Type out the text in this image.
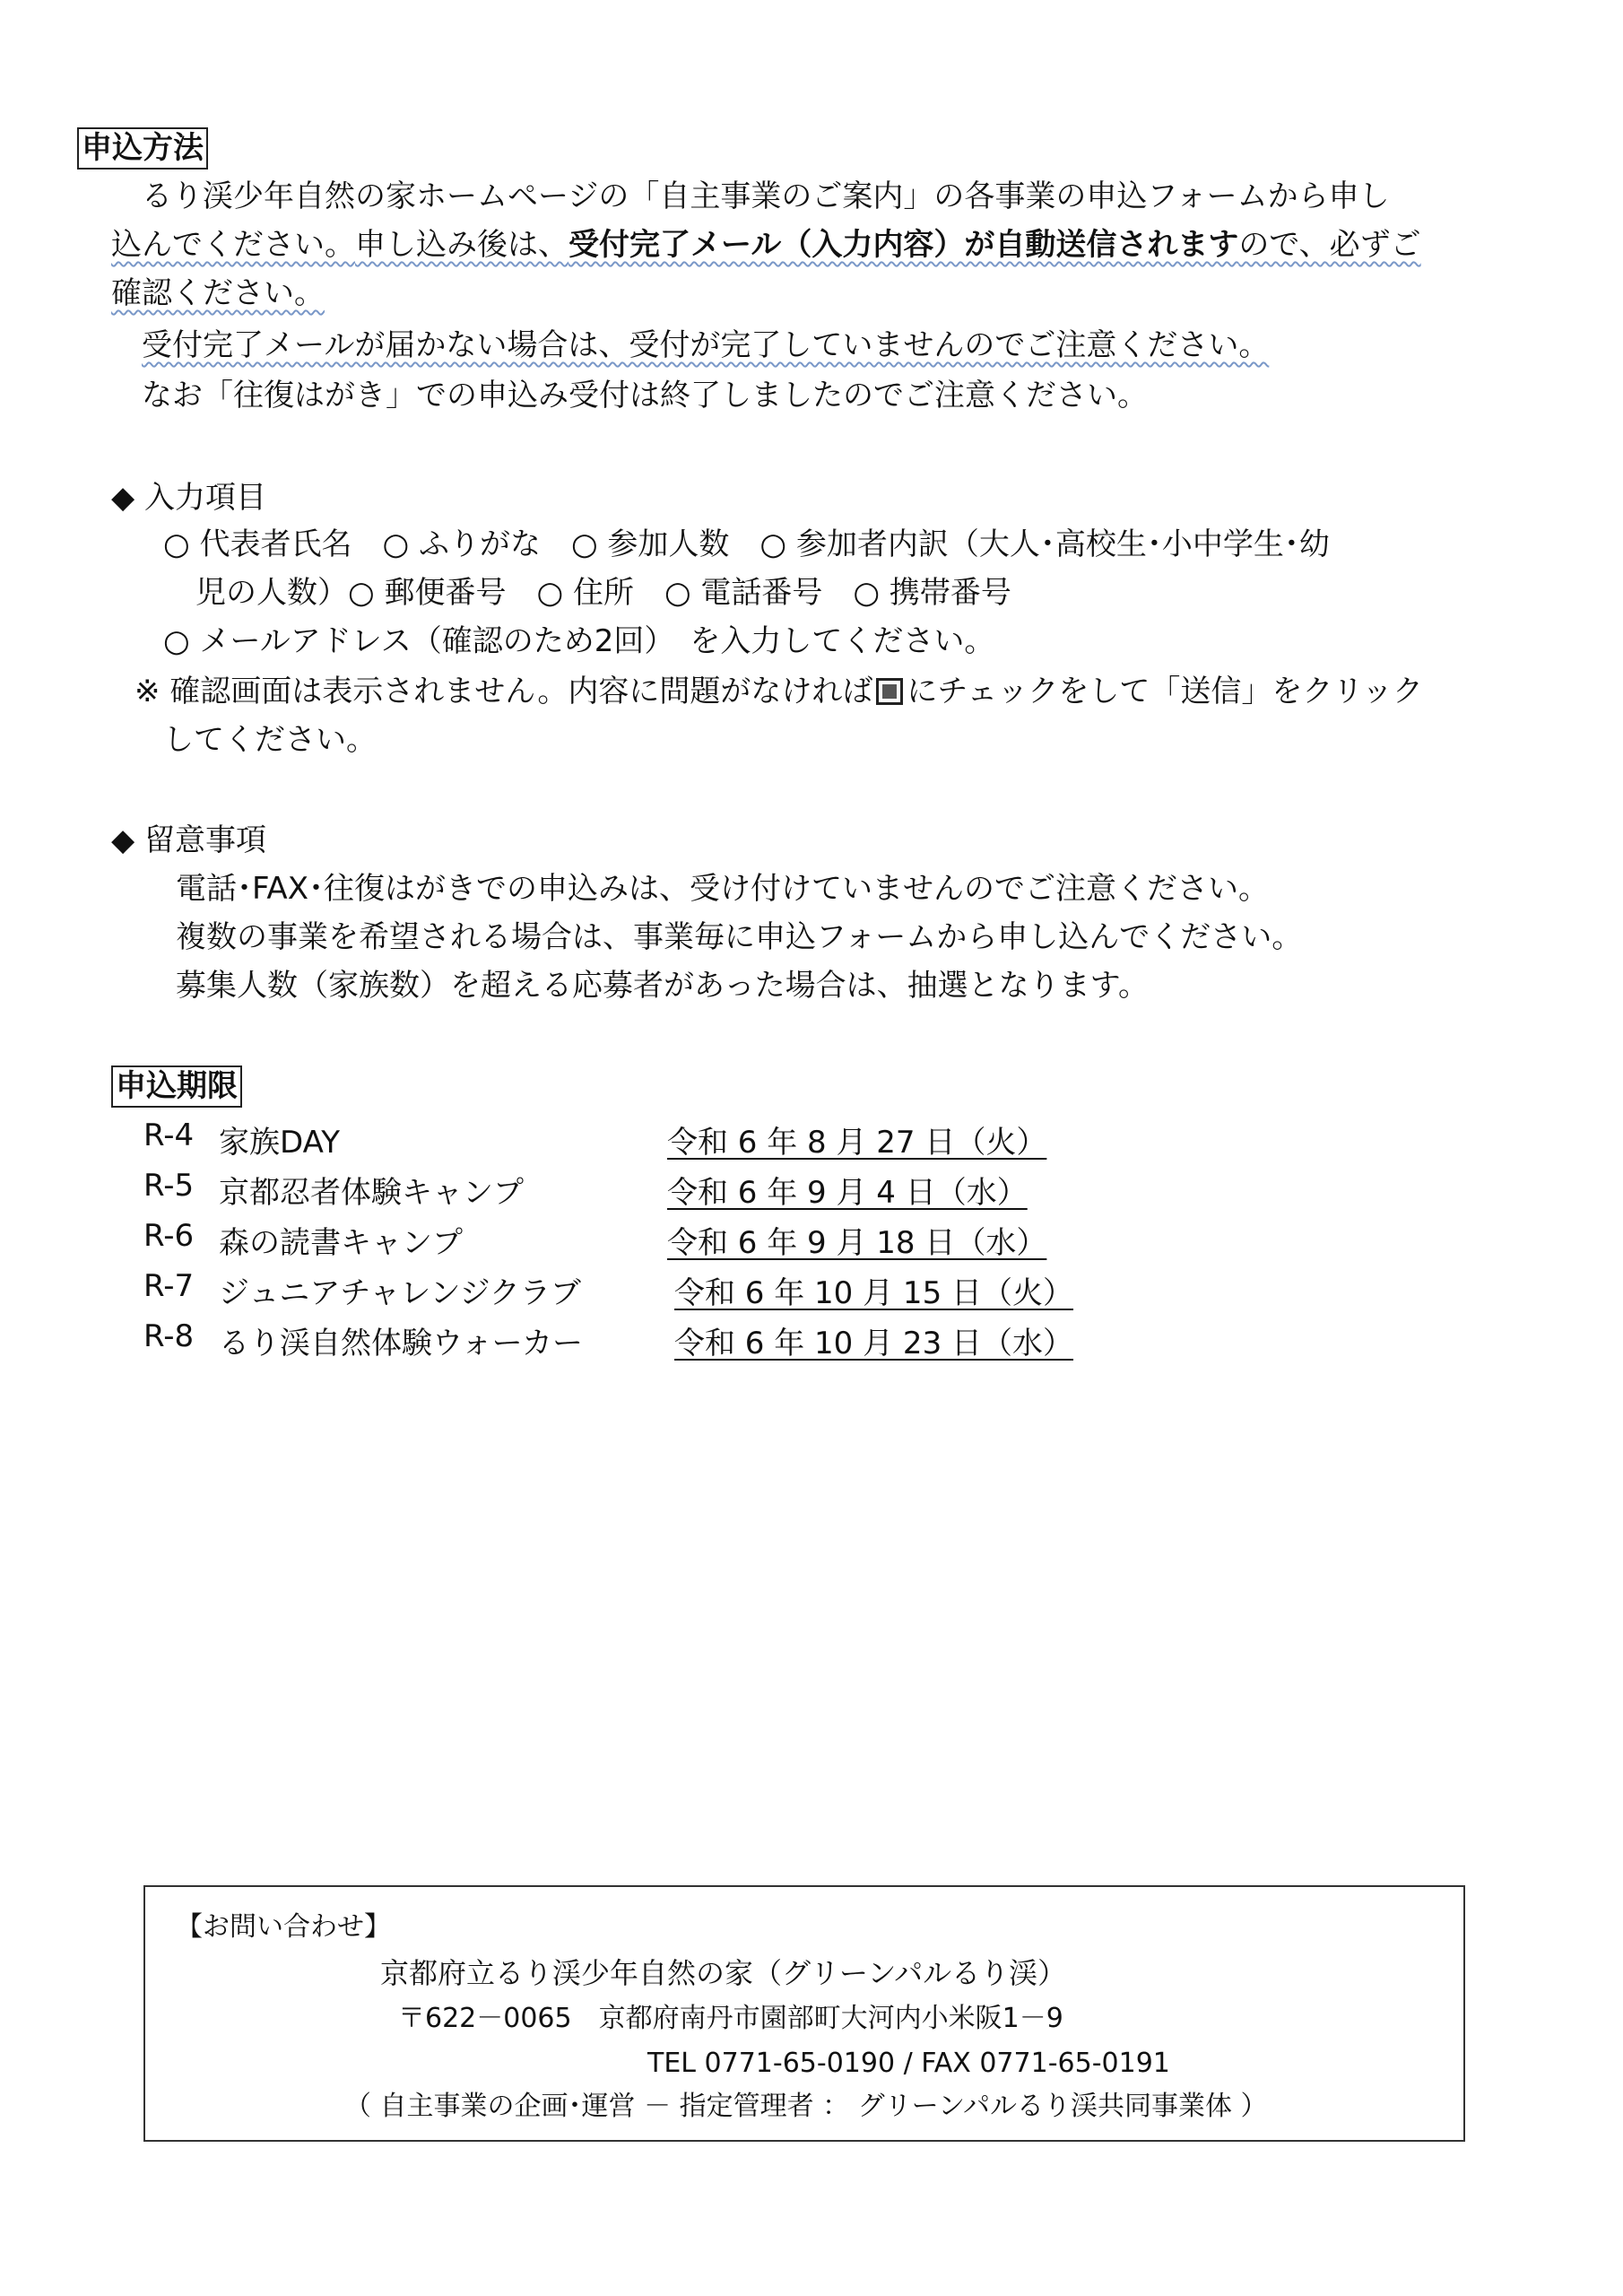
申込方法
るり渓少年自然の家ホームページの「自主事業のご案内」の各事業の申込フォームから申し
込んでください。申し込み後は、受付完了メール（入力内容）が自動送信されますので、必ずご
確認ください。
受付完了メールが届かない場合は、受付が完了していませんのでご注意ください。
なお「往復はがき」での申込み受付は終了しましたのでご注意ください。
◆ 入力項目
○ 代表者氏名　○ ふりがな　○ 参加人数　○ 参加者内訳（大人･高校生･小中学生･幼
児の人数）○ 郵便番号　○ 住所　○ 電話番号　○ 携帯番号
○ メールアドレス（確認のため2回）　を入力してください。
※ 確認画面は表示されません。内容に問題がなければ にチェックをして「送信」をクリック
してください。
◆ 留意事項
電話･FAX･往復はがきでの申込みは、受け付けていませんのでご注意ください。
複数の事業を希望される場合は、事業毎に申込フォームから申し込んでください。
募集人数（家族数）を超える応募者があった場合は、抽選となります。
申込期限
R-4 家族DAY	令和 6 年 8 月 27 日（火）
R-5 京都忍者体験キャンプ	令和 6 年 9 月 4 日（水）
R-6 森の読書キャンプ	令和 6 年 9 月 18 日（水）
R-7 ジュニアチャレンジクラブ	令和 6 年 10 月 15 日（火）
R-8 るり渓自然体験ウォーカー	令和 6 年 10 月 23 日（水）
【お問い合わせ】
京都府立るり渓少年自然の家（グリーンパルるり渓）
〒622－0065　京都府南丹市園部町大河内小米阪1－9
TEL 0771-65-0190 / FAX 0771-65-0191
（ 自主事業の企画･運営 － 指定管理者 ： グリーンパルるり渓共同事業体 ）
